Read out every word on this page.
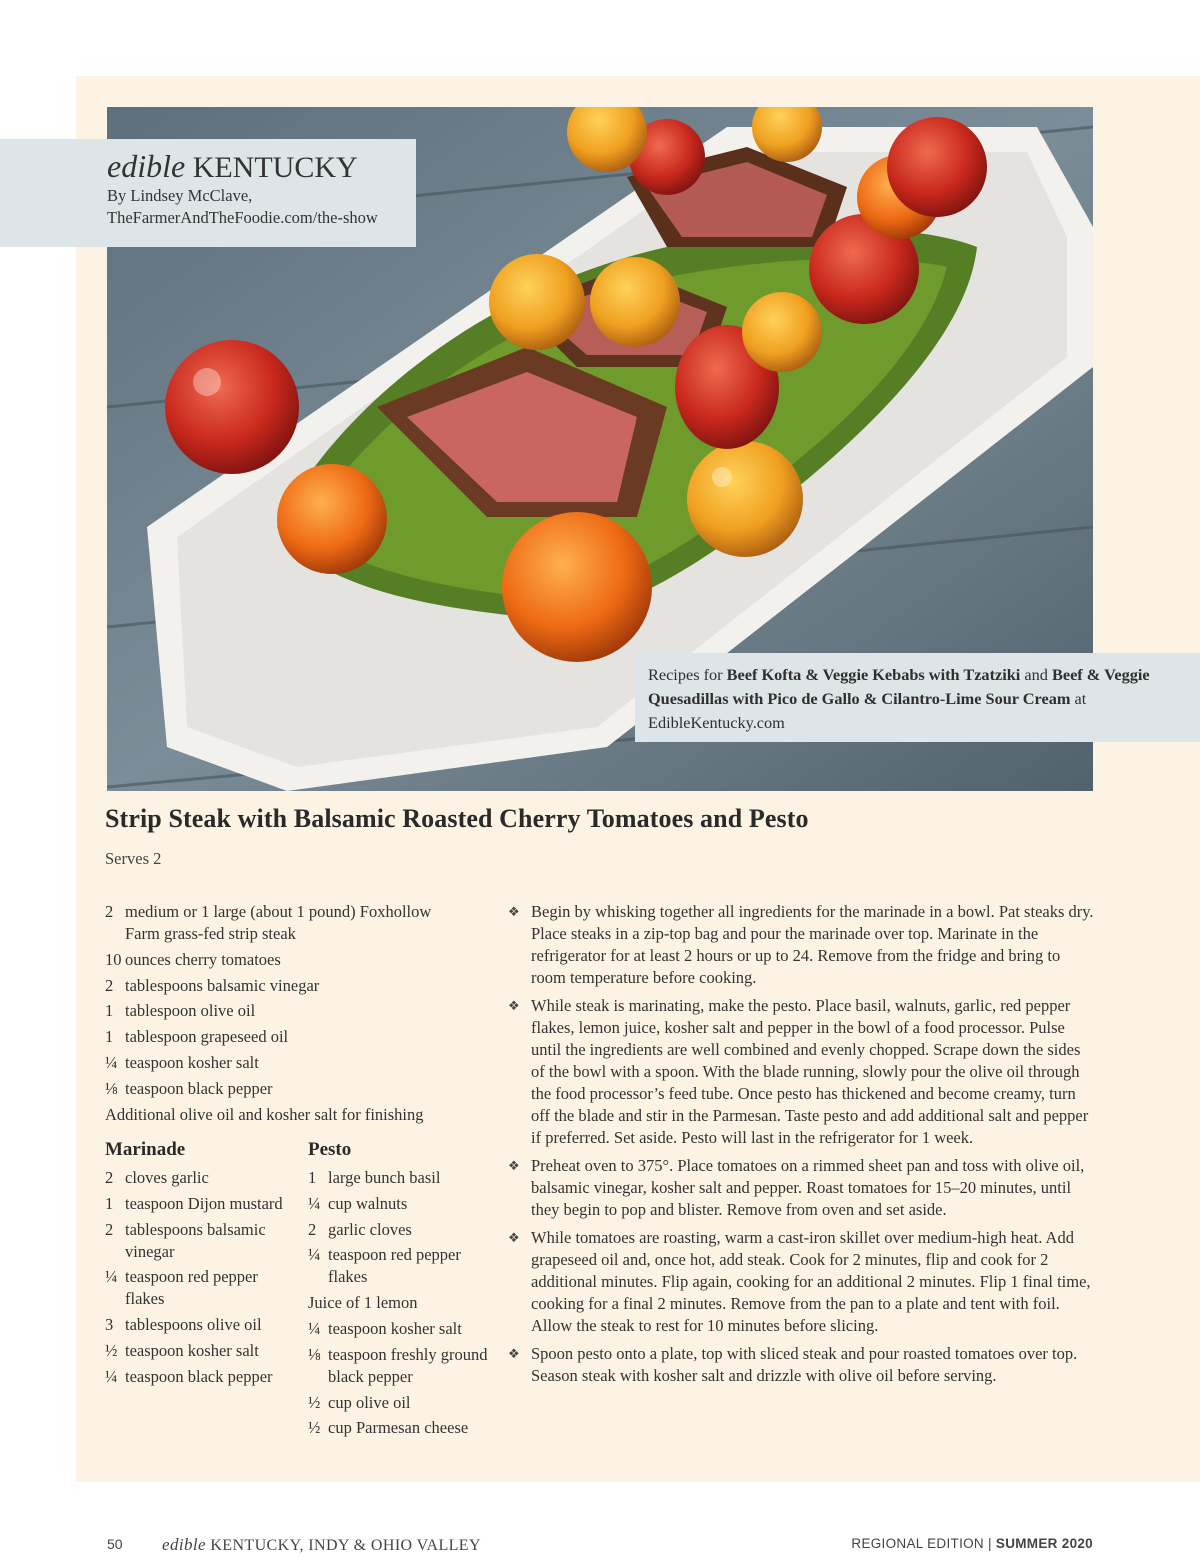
edible KENTUCKY
By Lindsey McClave,
TheFarmerAndTheFoodie.com/the-show
Recipes for Beef Kofta & Veggie Kebabs with Tzatziki and Beef & Veggie Quesadillas with Pico de Gallo & Cilantro-Lime Sour Cream at EdibleKentucky.com
Strip Steak with Balsamic Roasted Cherry Tomatoes and Pesto
Serves 2
2 medium or 1 large (about 1 pound) Foxhollow Farm grass-fed strip steak
10 ounces cherry tomatoes
2 tablespoons balsamic vinegar
1 tablespoon olive oil
1 tablespoon grapeseed oil
¼ teaspoon kosher salt
⅛ teaspoon black pepper
Additional olive oil and kosher salt for finishing
Marinade
2 cloves garlic
1 teaspoon Dijon mustard
2 tablespoons balsamic vinegar
¼ teaspoon red pepper flakes
3 tablespoons olive oil
½ teaspoon kosher salt
¼ teaspoon black pepper
Pesto
1 large bunch basil
¼ cup walnuts
2 garlic cloves
¼ teaspoon red pepper flakes
Juice of 1 lemon
¼ teaspoon kosher salt
⅛ teaspoon freshly ground black pepper
½ cup olive oil
½ cup Parmesan cheese
❖ Begin by whisking together all ingredients for the marinade in a bowl. Pat steaks dry. Place steaks in a zip-top bag and pour the marinade over top. Marinate in the refrigerator for at least 2 hours or up to 24. Remove from the fridge and bring to room temperature before cooking.
❖ While steak is marinating, make the pesto. Place basil, walnuts, garlic, red pepper flakes, lemon juice, kosher salt and pepper in the bowl of a food processor. Pulse until the ingredients are well combined and evenly chopped. Scrape down the sides of the bowl with a spoon. With the blade running, slowly pour the olive oil through the food processor’s feed tube. Once pesto has thickened and become creamy, turn off the blade and stir in the Parmesan. Taste pesto and add additional salt and pepper if preferred. Set aside. Pesto will last in the refrigerator for 1 week.
❖ Preheat oven to 375°. Place tomatoes on a rimmed sheet pan and toss with olive oil, balsamic vinegar, kosher salt and pepper. Roast tomatoes for 15–20 minutes, until they begin to pop and blister. Remove from oven and set aside.
❖ While tomatoes are roasting, warm a cast-iron skillet over medium-high heat. Add grapeseed oil and, once hot, add steak. Cook for 2 minutes, flip and cook for 2 additional minutes. Flip again, cooking for an additional 2 minutes. Flip 1 final time, cooking for a final 2 minutes. Remove from the pan to a plate and tent with foil. Allow the steak to rest for 10 minutes before slicing.
❖ Spoon pesto onto a plate, top with sliced steak and pour roasted tomatoes over top. Season steak with kosher salt and drizzle with olive oil before serving.
50 edible KENTUCKY, INDY & OHIO VALLEY	REGIONAL EDITION | SUMMER 2020
